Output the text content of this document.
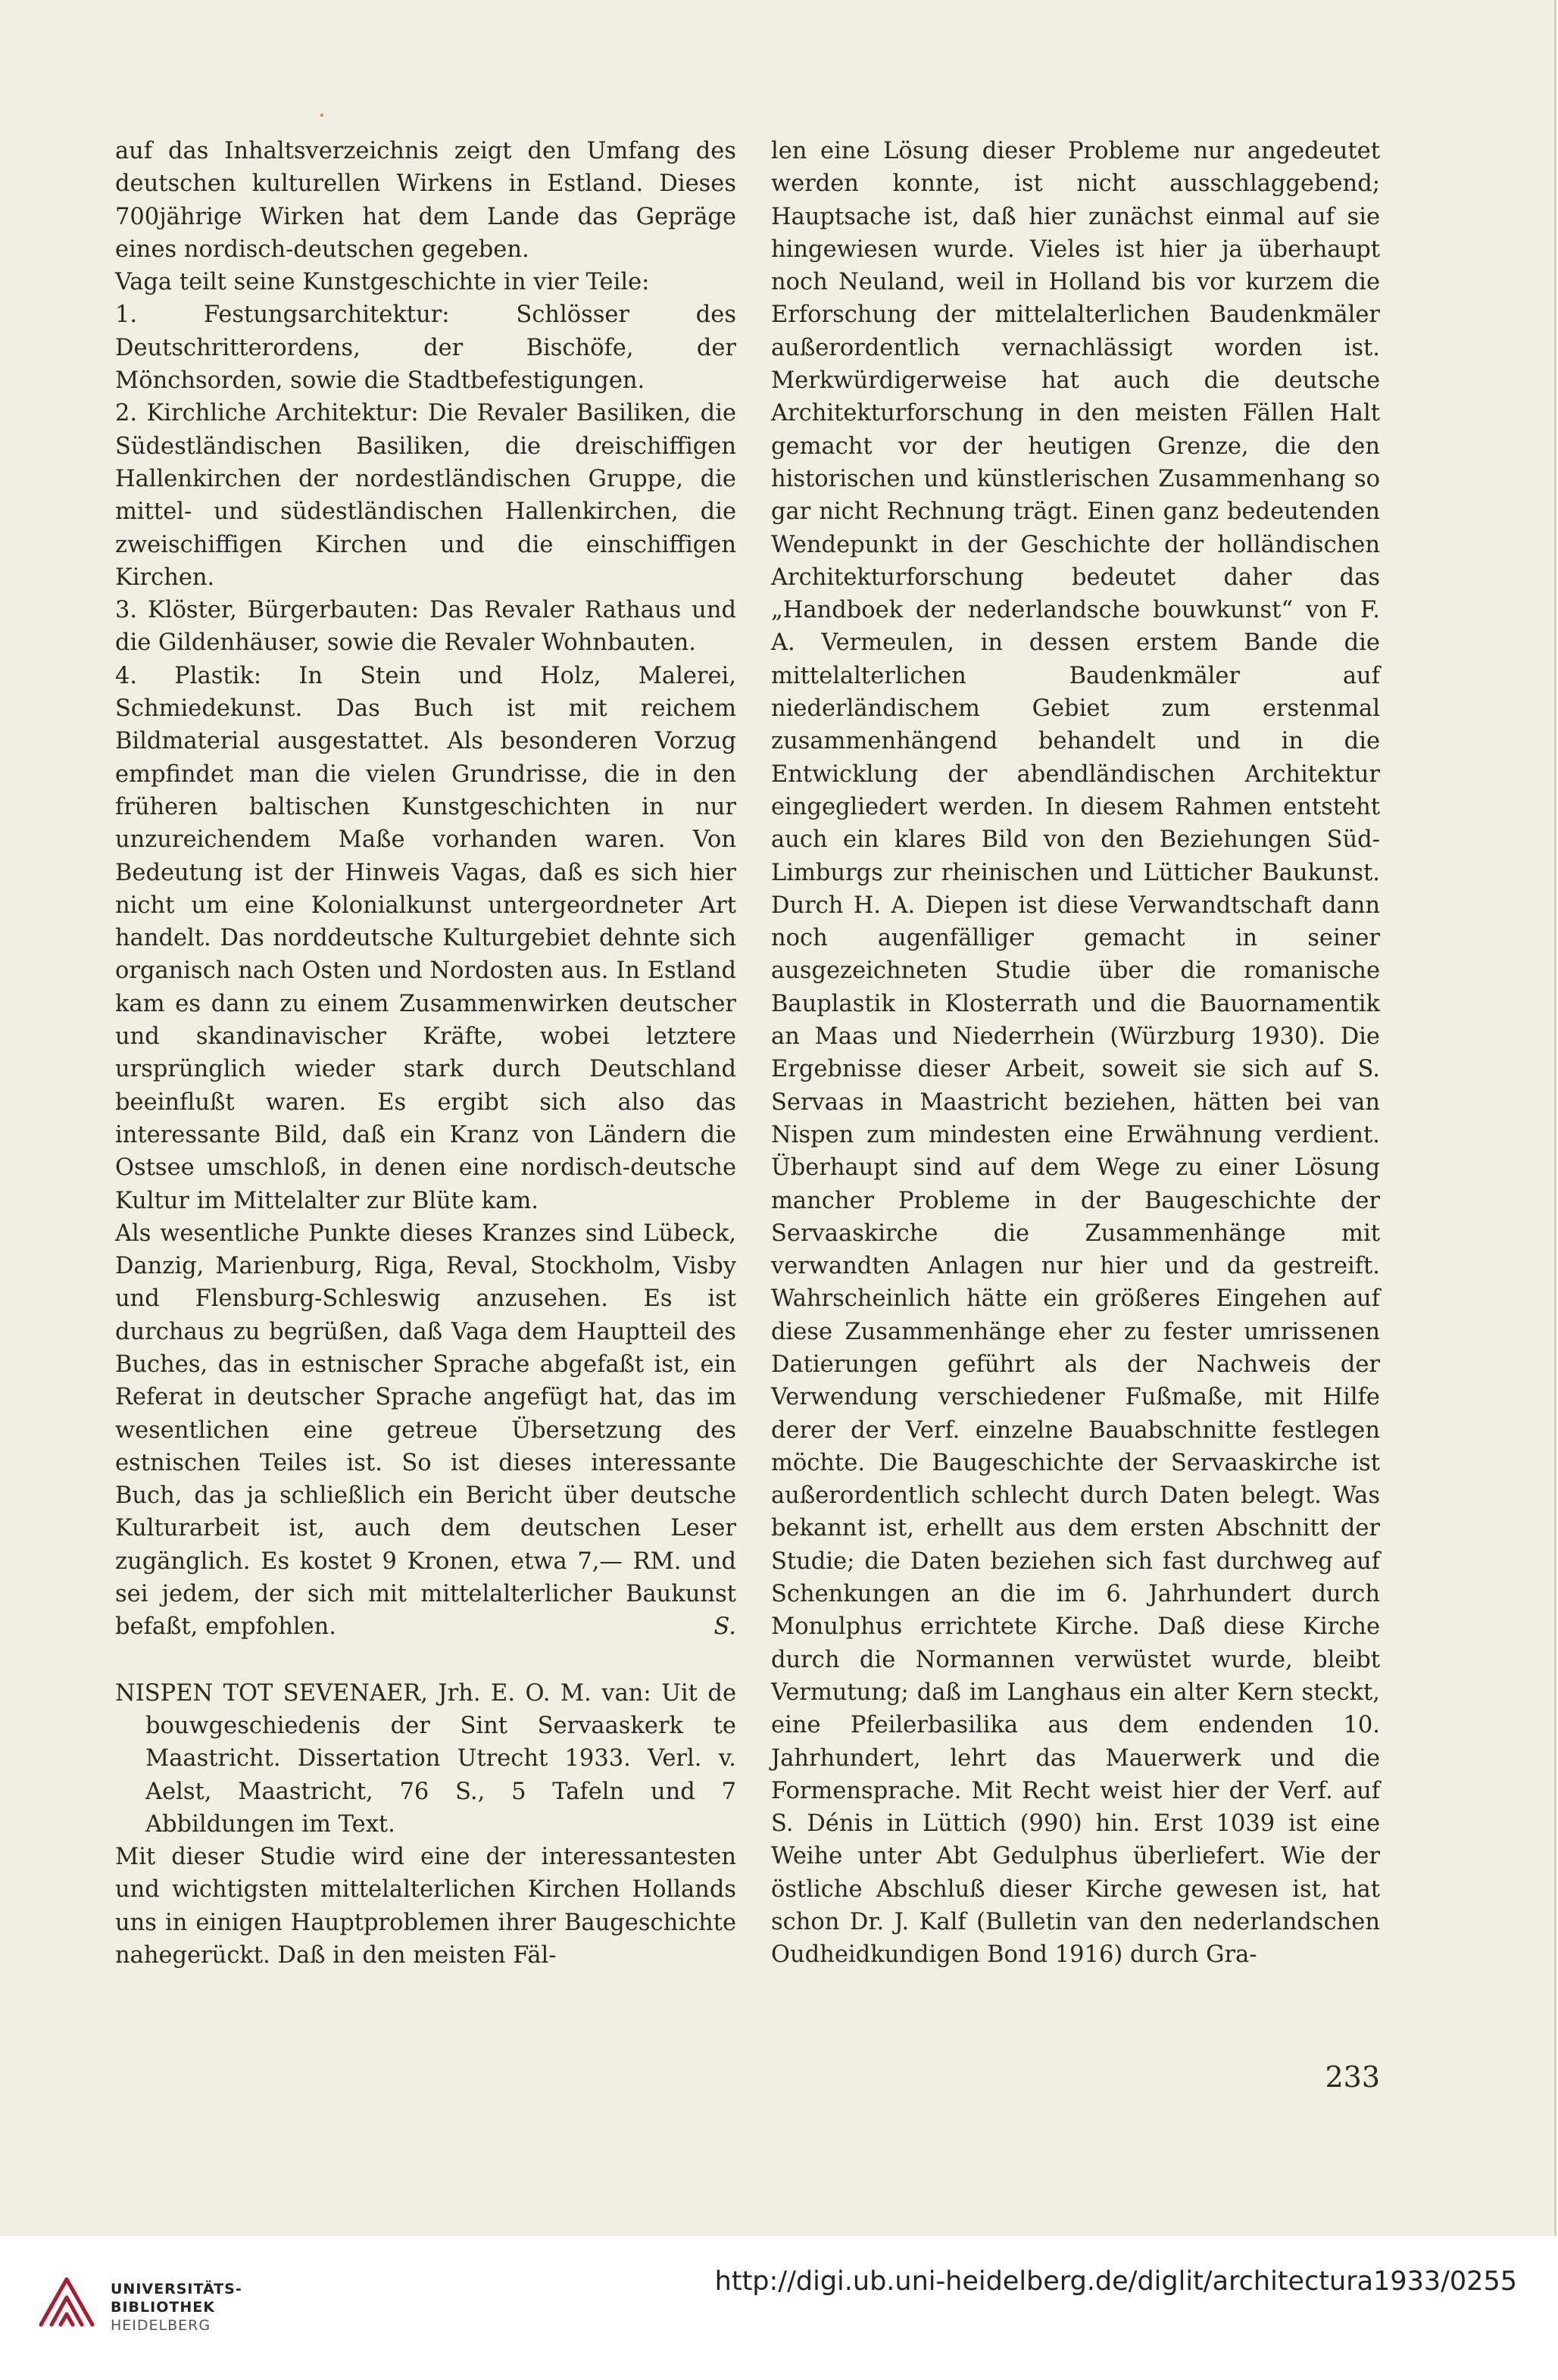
auf das Inhaltsverzeichnis zeigt den Umfang des deutschen kulturellen Wirkens in Estland. Dieses 700jährige Wirken hat dem Lande das Gepräge eines nordisch-deutschen gegeben.

Vaga teilt seine Kunstgeschichte in vier Teile:

1. Festungsarchitektur: Schlösser des Deutschritterordens, der Bischöfe, der Mönchsorden, sowie die Stadtbefestigungen.

2. Kirchliche Architektur: Die Revaler Basiliken, die Südestländischen Basiliken, die dreischiffigen Hallenkirchen der nordestländischen Gruppe, die mittel- und südestländischen Hallenkirchen, die zweischiffigen Kirchen und die einschiffigen Kirchen.

3. Klöster, Bürgerbauten: Das Revaler Rathaus und die Gildenhäuser, sowie die Revaler Wohnbauten.

4. Plastik: In Stein und Holz, Malerei, Schmiedekunst. Das Buch ist mit reichem Bildmaterial ausgestattet. Als besonderen Vorzug empfindet man die vielen Grundrisse, die in den früheren baltischen Kunstgeschichten in nur unzureichendem Maße vorhanden waren. Von Bedeutung ist der Hinweis Vagas, daß es sich hier nicht um eine Kolonialkunst untergeordneter Art handelt. Das norddeutsche Kulturgebiet dehnte sich organisch nach Osten und Nordosten aus. In Estland kam es dann zu einem Zusammenwirken deutscher und skandinavischer Kräfte, wobei letztere ursprünglich wieder stark durch Deutschland beeinflußt waren. Es ergibt sich also das interessante Bild, daß ein Kranz von Ländern die Ostsee umschloß, in denen eine nordisch-deutsche Kultur im Mittelalter zur Blüte kam.

Als wesentliche Punkte dieses Kranzes sind Lübeck, Danzig, Marienburg, Riga, Reval, Stockholm, Visby und Flensburg-Schleswig anzusehen. Es ist durchaus zu begrüßen, daß Vaga dem Hauptteil des Buches, das in estnischer Sprache abgefaßt ist, ein Referat in deutscher Sprache angefügt hat, das im wesentlichen eine getreue Übersetzung des estnischen Teiles ist. So ist dieses interessante Buch, das ja schließlich ein Bericht über deutsche Kulturarbeit ist, auch dem deutschen Leser zugänglich. Es kostet 9 Kronen, etwa 7,— RM. und sei jedem, der sich mit mittelalterlicher Baukunst befaßt, empfohlen.	S.

NISPEN TOT SEVENAER, Jrh. E. O. M. van: Uit de bouwgeschiedenis der Sint Servaaskerk te Maastricht. Dissertation Utrecht 1933. Verl. v. Aelst, Maastricht, 76 S., 5 Tafeln und 7 Abbildungen im Text.

Mit dieser Studie wird eine der interessantesten und wichtigsten mittelalterlichen Kirchen Hollands uns in einigen Hauptproblemen ihrer Baugeschichte nahegerückt. Daß in den meisten Fäl-

len eine Lösung dieser Probleme nur angedeutet werden konnte, ist nicht ausschlaggebend; Hauptsache ist, daß hier zunächst einmal auf sie hingewiesen wurde. Vieles ist hier ja überhaupt noch Neuland, weil in Holland bis vor kurzem die Erforschung der mittelalterlichen Baudenkmäler außerordentlich vernachlässigt worden ist. Merkwürdigerweise hat auch die deutsche Architekturforschung in den meisten Fällen Halt gemacht vor der heutigen Grenze, die den historischen und künstlerischen Zusammenhang so gar nicht Rechnung trägt. Einen ganz bedeutenden Wendepunkt in der Geschichte der holländischen Architekturforschung bedeutet daher das „Handboek der nederlandsche bouwkunst“ von F. A. Vermeulen, in dessen erstem Bande die mittelalterlichen Baudenkmäler auf niederländischem Gebiet zum erstenmal zusammenhängend behandelt und in die Entwicklung der abendländischen Architektur eingegliedert werden. In diesem Rahmen entsteht auch ein klares Bild von den Beziehungen Süd-Limburgs zur rheinischen und Lütticher Baukunst. Durch H. A. Diepen ist diese Verwandtschaft dann noch augenfälliger gemacht in seiner ausgezeichneten Studie über die romanische Bauplastik in Klosterrath und die Bauornamentik an Maas und Niederrhein (Würzburg 1930). Die Ergebnisse dieser Arbeit, soweit sie sich auf S. Servaas in Maastricht beziehen, hätten bei van Nispen zum mindesten eine Erwähnung verdient. Überhaupt sind auf dem Wege zu einer Lösung mancher Probleme in der Baugeschichte der Servaaskirche die Zusammenhänge mit verwandten Anlagen nur hier und da gestreift. Wahrscheinlich hätte ein größeres Eingehen auf diese Zusammenhänge eher zu fester umrissenen Datierungen geführt als der Nachweis der Verwendung verschiedener Fußmaße, mit Hilfe derer der Verf. einzelne Bauabschnitte festlegen möchte. Die Baugeschichte der Servaaskirche ist außerordentlich schlecht durch Daten belegt. Was bekannt ist, erhellt aus dem ersten Abschnitt der Studie; die Daten beziehen sich fast durchweg auf Schenkungen an die im 6. Jahrhundert durch Monulphus errichtete Kirche. Daß diese Kirche durch die Normannen verwüstet wurde, bleibt Vermutung; daß im Langhaus ein alter Kern steckt, eine Pfeilerbasilika aus dem endenden 10. Jahrhundert, lehrt das Mauerwerk und die Formensprache. Mit Recht weist hier der Verf. auf S. Dénis in Lüttich (990) hin. Erst 1039 ist eine Weihe unter Abt Gedulphus überliefert. Wie der östliche Abschluß dieser Kirche gewesen ist, hat schon Dr. J. Kalf (Bulletin van den nederlandschen Oudheidkundigen Bond 1916) durch Gra-

233
UNIVERSITÄTS-
BIBLIOTHEK
HEIDELBERG
http://digi.ub.uni-heidelberg.de/diglit/architectura1933/0255
